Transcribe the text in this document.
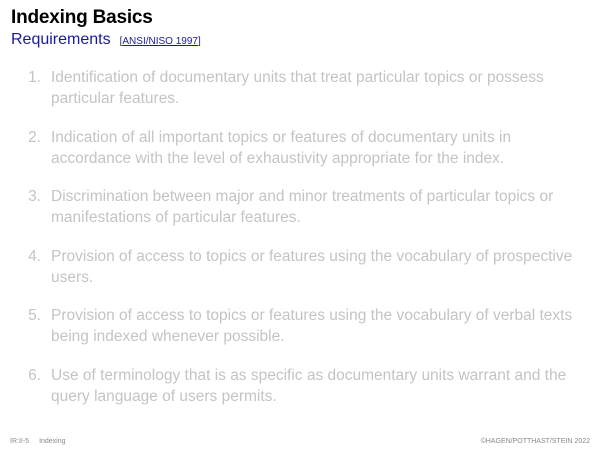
Indexing Basics
Requirements [ANSI/NISO 1997]
1. Identification of documentary units that treat particular topics or possess particular features.
2. Indication of all important topics or features of documentary units in accordance with the level of exhaustivity appropriate for the index.
3. Discrimination between major and minor treatments of particular topics or manifestations of particular features.
4. Provision of access to topics or features using the vocabulary of prospective users.
5. Provision of access to topics or features using the vocabulary of verbal texts being indexed whenever possible.
6. Use of terminology that is as specific as documentary units warrant and the query language of users permits.
IR:II-5 Indexing	©HAGEN/POTTHAST/STEIN 2022
